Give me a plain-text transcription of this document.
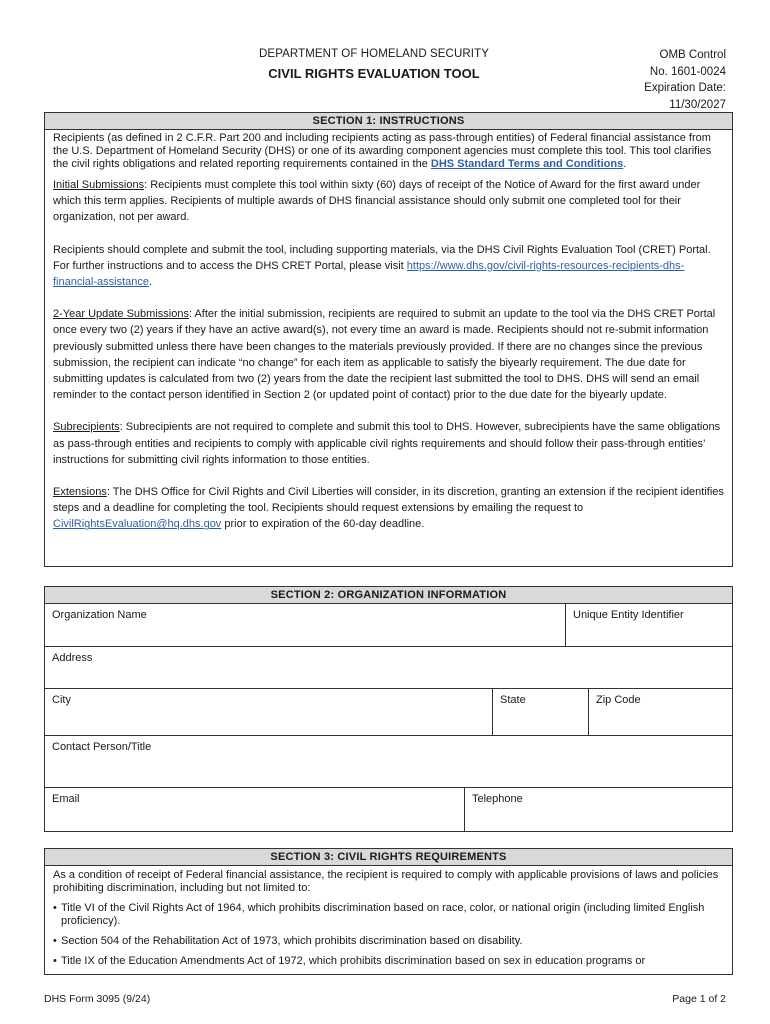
DEPARTMENT OF HOMELAND SECURITY
CIVIL RIGHTS EVALUATION TOOL
OMB Control
No. 1601-0024
Expiration Date:
11/30/2027
SECTION 1: INSTRUCTIONS

Recipients (as defined in 2 C.F.R. Part 200 and including recipients acting as pass-through entities) of Federal financial assistance from the U.S. Department of Homeland Security (DHS) or one of its awarding component agencies must complete this tool. This tool clarifies the civil rights obligations and related reporting requirements contained in the DHS Standard Terms and Conditions.

Initial Submissions: Recipients must complete this tool within sixty (60) days of receipt of the Notice of Award for the first award under which this term applies. Recipients of multiple awards of DHS financial assistance should only submit one completed tool for their organization, not per award.

Recipients should complete and submit the tool, including supporting materials, via the DHS Civil Rights Evaluation Tool (CRET) Portal. For further instructions and to access the DHS CRET Portal, please visit https://www.dhs.gov/civil-rights-resources-recipients-dhs-financial-assistance.

2-Year Update Submissions: After the initial submission, recipients are required to submit an update to the tool via the DHS CRET Portal once every two (2) years if they have an active award(s), not every time an award is made. Recipients should not re-submit information previously submitted unless there have been changes to the materials previously provided. If there are no changes since the previous submission, the recipient can indicate “no change” for each item as applicable to satisfy the biyearly requirement. The due date for submitting updates is calculated from two (2) years from the date the recipient last submitted the tool to DHS. DHS will send an email reminder to the contact person identified in Section 2 (or updated point of contact) prior to the due date for the biyearly update.

Subrecipients: Subrecipients are not required to complete and submit this tool to DHS. However, subrecipients have the same obligations as pass-through entities and recipients to comply with applicable civil rights requirements and should follow their pass-through entities’ instructions for submitting civil rights information to those entities.

Extensions: The DHS Office for Civil Rights and Civil Liberties will consider, in its discretion, granting an extension if the recipient identifies steps and a deadline for completing the tool. Recipients should request extensions by emailing the request to CivilRightsEvaluation@hq.dhs.gov prior to expiration of the 60-day deadline.

SECTION 2: ORGANIZATION INFORMATION
Organization Name	Unique Entity Identifier
Address
City	State	Zip Code
Contact Person/Title
Email	Telephone
SECTION 3: CIVIL RIGHTS REQUIREMENTS

As a condition of receipt of Federal financial assistance, the recipient is required to comply with applicable provisions of laws and policies prohibiting discrimination, including but not limited to:

• Title VI of the Civil Rights Act of 1964, which prohibits discrimination based on race, color, or national origin (including limited English proficiency).
• Section 504 of the Rehabilitation Act of 1973, which prohibits discrimination based on disability.
• Title IX of the Education Amendments Act of 1972, which prohibits discrimination based on sex in education programs or
DHS Form 3095 (9/24)	Page 1 of 2
